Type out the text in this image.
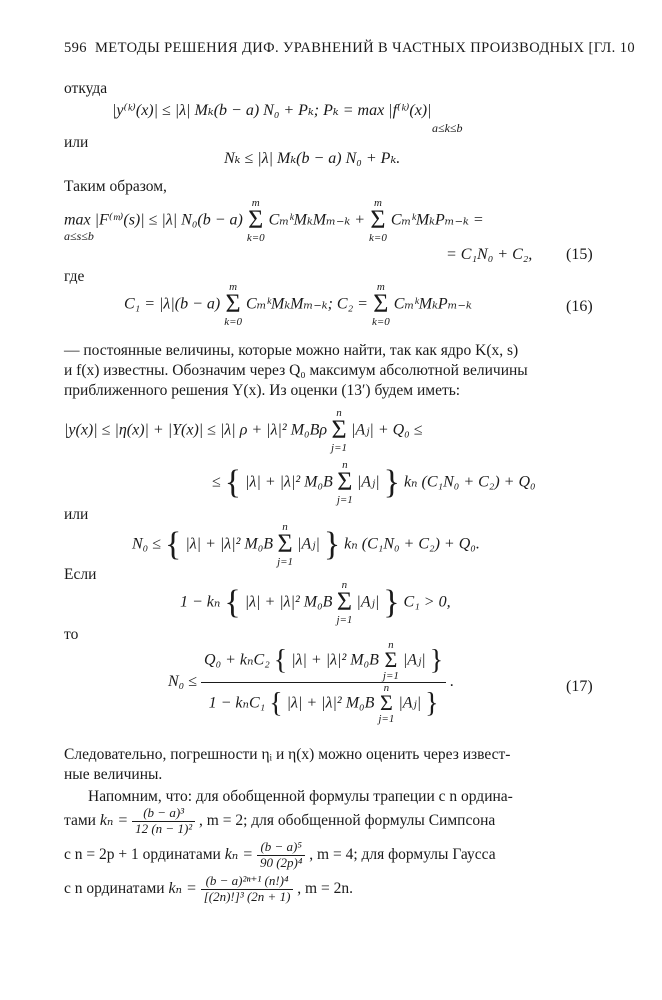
596 МЕТОДЫ РЕШЕНИЯ ДИФ. УРАВНЕНИЙ В ЧАСТНЫХ ПРОИЗВОДНЫХ [ГЛ. 10
откуда
|y⁽ᵏ⁾(x)| ≤ |λ| Mₖ(b − a) N₀ + Pₖ; Pₖ = max |f⁽ᵏ⁾(x)|
a≤k≤b
или
Nₖ ≤ |λ| Mₖ(b − a) N₀ + Pₖ.
Таким образом,
max |F⁽ᵐ⁾(s)| ≤ |λ| N₀(b − a)
m
Σ
k=0
CₘᵏMₖMₘ₋ₖ +
m
Σ
k=0
CₘᵏMₖPₘ₋ₖ =
a≤s≤b
= C₁N₀ + C₂, (15)
где
C₁ = |λ|(b − a)
m
Σ
k=0
CₘᵏMₖMₘ₋ₖ; C₂ =
m
Σ
k=0
CₘᵏMₖPₘ₋ₖ	(16)
— постоянные величины, которые можно найти, так как ядро K(x, s)
и f(x) известны. Обозначим через Q₀ максимум абсолютной величины
приближенного решения Y(x). Из оценки (13′) будем иметь:
|y(x)| ≤ |η(x)| + |Y(x)| ≤ |λ| ρ + |λ|² M₀Bρ
n
Σ
j=1
|Aⱼ| + Q₀ ≤
≤ { |λ| + |λ|² M₀B
n
Σ
j=1
|Aⱼ| } kₙ (C₁N₀ + C₂) + Q₀
или
N₀ ≤ { |λ| + |λ|² M₀B
n
Σ
j=1
|Aⱼ| } kₙ (C₁N₀ + C₂) + Q₀.
Если
1 − kₙ { |λ| + |λ|² M₀B
n
Σ
j=1
|Aⱼ| } C₁ > 0,
то
N₀ ≤
Q₀ + kₙC₂ { |λ| + |λ|² M₀B
n
Σ
j=1
|Aⱼ| }
1 − kₙC₁ { |λ| + |λ|² M₀B
n
Σ
j=1
|Aⱼ| }
.	(17)
Следовательно, погрешности ηᵢ и η(x) можно оценить через извест-
ные величины.
Напомним, что: для обобщенной формулы трапеции с n ордина-
тами $k_n = \frac{\text{(b − a)³}}{\text{12 (n − 1)²}}$ , m = 2; для обобщенной формулы Симпсона
с n = 2p + 1 ординатами $k_n = \frac{\text{(b − a)⁵}}{\text{90 (2p)⁴}}$ , m = 4; для формулы Гаусса
с n ординатами $k_n = \frac{\text{(b − a)²ⁿ⁺¹ (n!)⁴}}{\text{[(2n)!]³ (2n + 1)}}$ , m = 2n.
